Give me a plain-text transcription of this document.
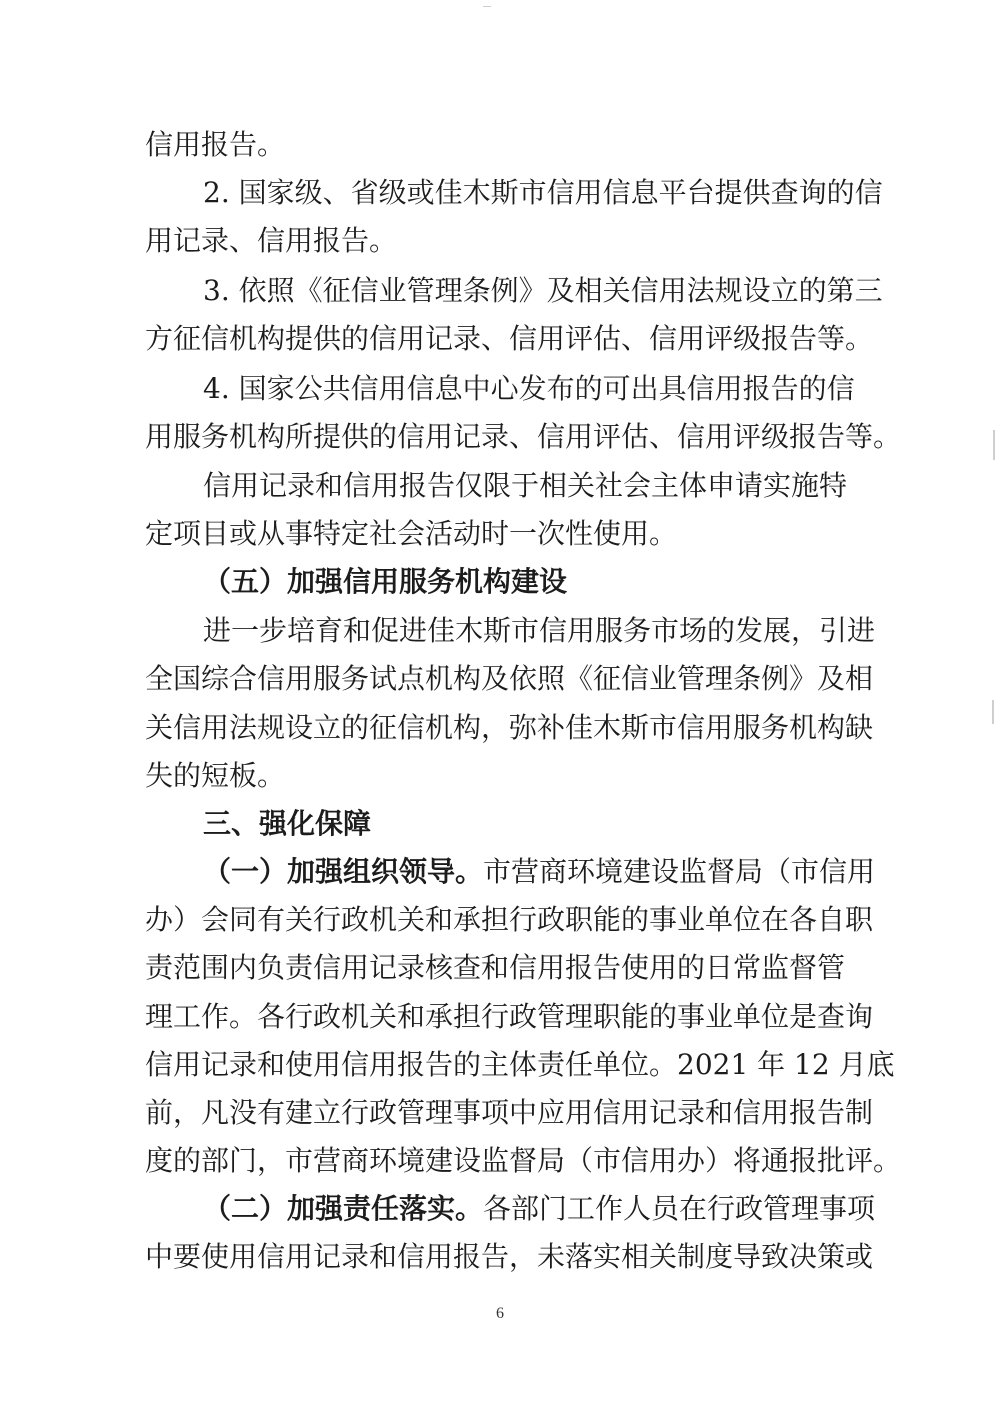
信用报告。
2. 国家级、省级或佳木斯市信用信息平台提供查询的信
用记录、信用报告。
3. 依照《征信业管理条例》及相关信用法规设立的第三
方征信机构提供的信用记录、信用评估、信用评级报告等。
4. 国家公共信用信息中心发布的可出具信用报告的信
用服务机构所提供的信用记录、信用评估、信用评级报告等。
信用记录和信用报告仅限于相关社会主体申请实施特
定项目或从事特定社会活动时一次性使用。
（五）加强信用服务机构建设
进一步培育和促进佳木斯市信用服务市场的发展，引进
全国综合信用服务试点机构及依照《征信业管理条例》及相
关信用法规设立的征信机构，弥补佳木斯市信用服务机构缺
失的短板。
三、强化保障
（一）加强组织领导。 市营商环境建设监督局（市信用
办）会同有关行政机关和承担行政职能的事业单位在各自职
责范围内负责信用记录核查和信用报告使用的日常监督管
理工作。各行政机关和承担行政管理职能的事业单位是查询
信用记录和使用信用报告的主体责任单位。2021 年 12 月底
前，凡没有建立行政管理事项中应用信用记录和信用报告制
度的部门，市营商环境建设监督局（市信用办）将通报批评。
（二）加强责任落实。 各部门工作人员在行政管理事项
中要使用信用记录和信用报告，未落实相关制度导致决策或
6
